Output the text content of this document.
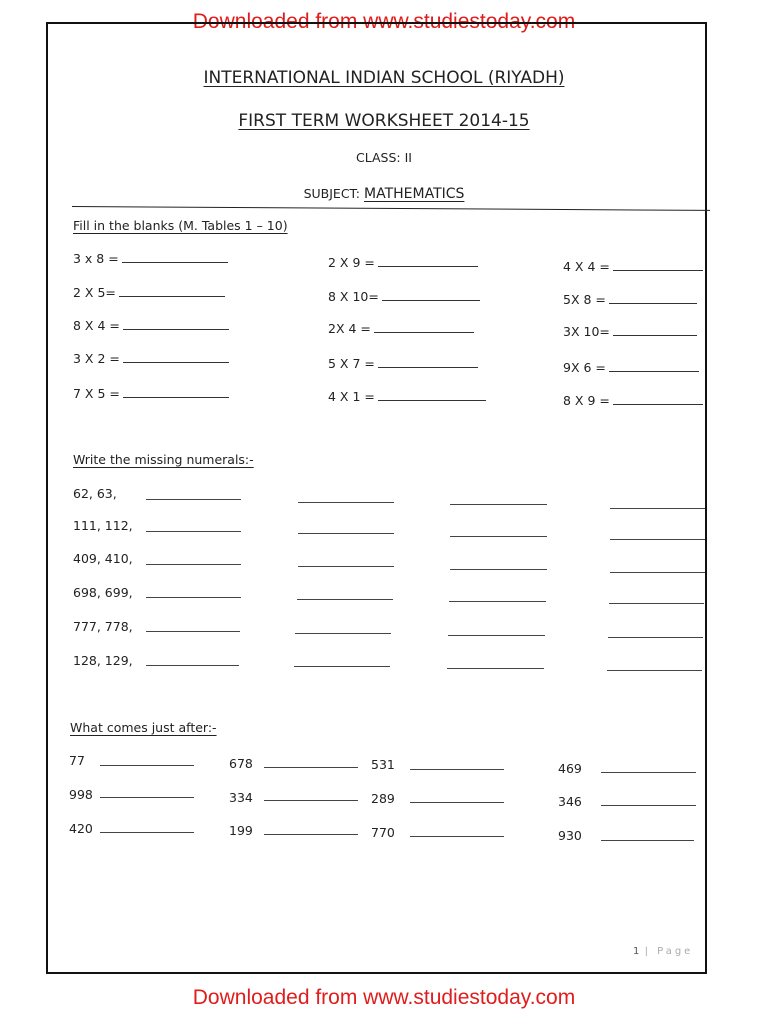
Downloaded from www.studiestoday.com
INTERNATIONAL INDIAN SCHOOL (RIYADH)
FIRST TERM WORKSHEET 2014-15
CLASS: II
SUBJECT: MATHEMATICS
Fill in the blanks (M. Tables 1 – 10)
3 x 8 =
2 X 5=
8 X 4 =
3 X 2 =
7 X 5 =
2 X 9 =
8 X 10=
2X 4 =
5 X 7 =
4 X 1 =
4 X 4 =
5X 8 =
3X 10=
9X 6 =
8 X 9 =
Write the missing numerals:-
62, 63,
111, 112,
409, 410,
698, 699,
777, 778,
128, 129,
What comes just after:-
77
998
420
678
334
199
531
289
770
469
346
930
1 | Page
Downloaded from www.studiestoday.com
